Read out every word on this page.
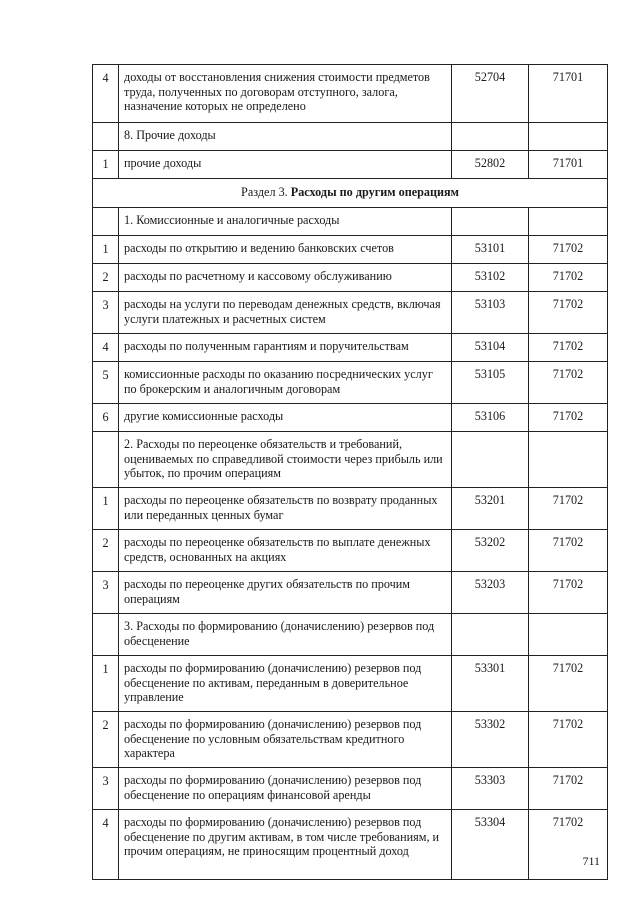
4	доходы от восстановления снижения стоимости предметов труда, полученных по договорам отступного, залога, назначение которых не определено	52704	71701
	8. Прочие доходы		
1	прочие доходы	52802	71701
Раздел 3. Расходы по другим операциям			
	1. Комиссионные и аналогичные расходы		
1	расходы по открытию и ведению банковских счетов	53101	71702
2	расходы по расчетному и кассовому обслуживанию	53102	71702
3	расходы на услуги по переводам денежных средств, включая услуги платежных и расчетных систем	53103	71702
4	расходы по полученным гарантиям и поручительствам	53104	71702
5	комиссионные расходы по оказанию посреднических услуг по брокерским и аналогичным договорам	53105	71702
6	другие комиссионные расходы	53106	71702
	2. Расходы по переоценке обязательств и требований, оцениваемых по справедливой стоимости через прибыль или убыток, по прочим операциям		
1	расходы по переоценке обязательств по возврату проданных или переданных ценных бумаг	53201	71702
2	расходы по переоценке обязательств по выплате денежных средств, основанных на акциях	53202	71702
3	расходы по переоценке других обязательств по прочим операциям	53203	71702
	3. Расходы по формированию (доначислению) резервов под обесценение		
1	расходы по формированию (доначислению) резервов под обесценение по активам, переданным в доверительное управление	53301	71702
2	расходы по формированию (доначислению) резервов под обесценение по условным обязательствам кредитного характера	53302	71702
3	расходы по формированию (доначислению) резервов под обесценение по операциям финансовой аренды	53303	71702
4	расходы по формированию (доначислению) резервов под обесценение по другим активам, в том числе требованиям, и прочим операциям, не приносящим процентный доход	53304	71702
711
